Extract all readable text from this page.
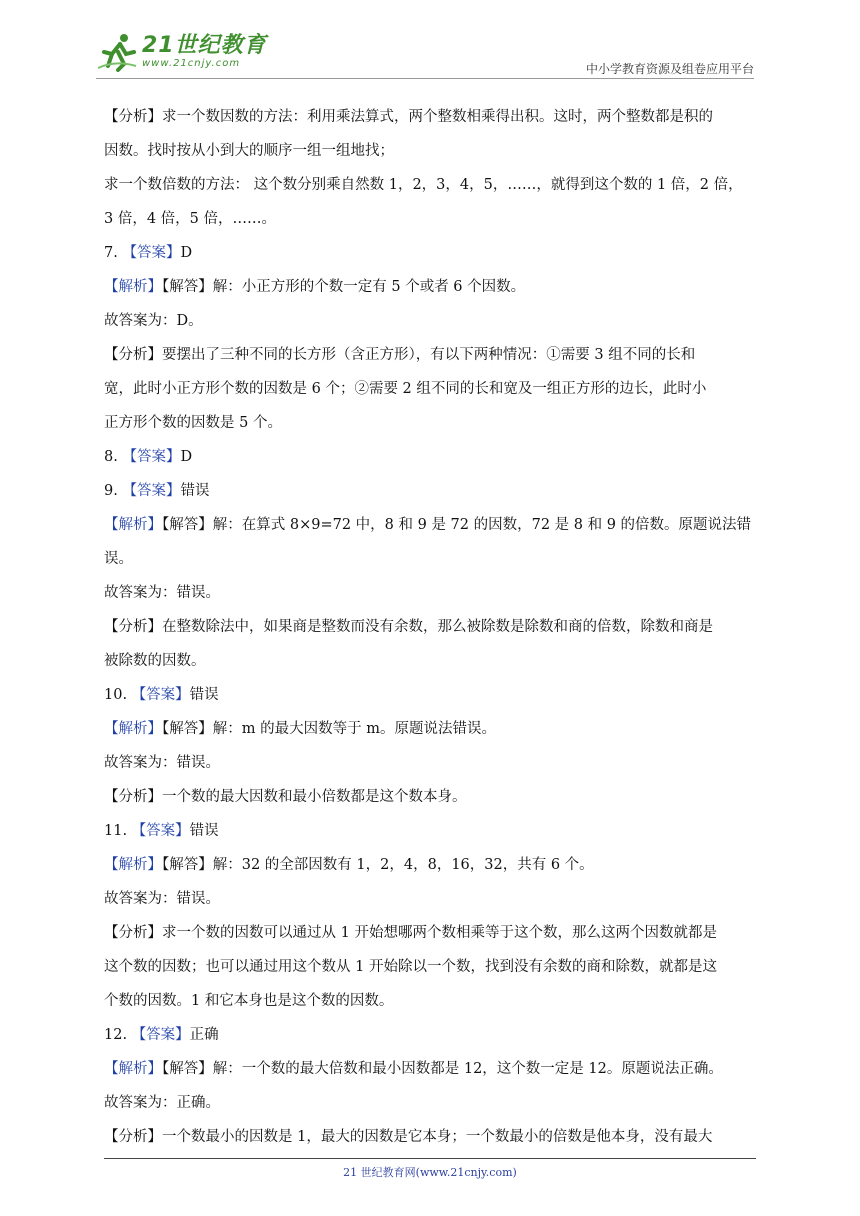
21世纪教育
www.21cnjy.com	中小学教育资源及组卷应用平台
【分析】求一个数因数的方法：利用乘法算式，两个整数相乘得出积。这时，两个整数都是积的
因数。找时按从小到大的顺序一组一组地找；
求一个数倍数的方法： 这个数分别乘自然数 1，2，3，4，5，……，就得到这个数的 1 倍，2 倍，
3 倍，4 倍，5 倍，……。
7. 【答案】D
【解析】【解答】解：小正方形的个数一定有 5 个或者 6 个因数。
故答案为：D。
【分析】要摆出了三种不同的长方形（含正方形），有以下两种情况：①需要 3 组不同的长和
宽，此时小正方形个数的因数是 6 个；②需要 2 组不同的长和宽及一组正方形的边长，此时小
正方形个数的因数是 5 个。
8. 【答案】D
9. 【答案】错误
【解析】【解答】解：在算式 8×9=72 中，8 和 9 是 72 的因数，72 是 8 和 9 的倍数。原题说法错
误。
故答案为：错误。
【分析】在整数除法中，如果商是整数而没有余数，那么被除数是除数和商的倍数，除数和商是
被除数的因数。
10. 【答案】错误
【解析】【解答】解：m 的最大因数等于 m。原题说法错误。
故答案为：错误。
【分析】一个数的最大因数和最小倍数都是这个数本身。
11. 【答案】错误
【解析】【解答】解：32 的全部因数有 1，2，4，8，16，32，共有 6 个。
故答案为：错误。
【分析】求一个数的因数可以通过从 1 开始想哪两个数相乘等于这个数，那么这两个因数就都是
这个数的因数；也可以通过用这个数从 1 开始除以一个数，找到没有余数的商和除数，就都是这
个数的因数。1 和它本身也是这个数的因数。
12. 【答案】正确
【解析】【解答】解：一个数的最大倍数和最小因数都是 12，这个数一定是 12。原题说法正确。
故答案为：正确。
【分析】一个数最小的因数是 1，最大的因数是它本身；一个数最小的倍数是他本身，没有最大
21 世纪教育网(www.21cnjy.com)
